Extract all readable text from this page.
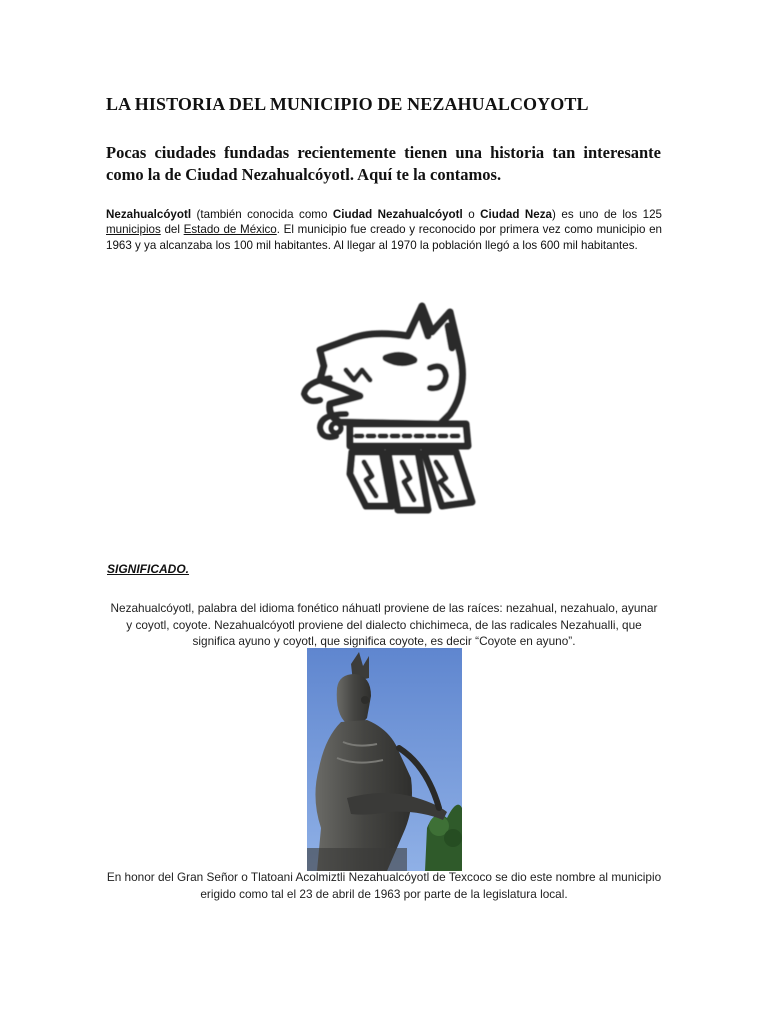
LA HISTORIA DEL MUNICIPIO DE NEZAHUALCOYOTL

Pocas ciudades fundadas recientemente tienen una historia tan interesante como la de Ciudad Nezahualcóyotl. Aquí te la contamos.

Nezahualcóyotl (también conocida como Ciudad Nezahualcóyotl o Ciudad Neza) es uno de los 125 municipios del Estado de México. El municipio fue creado y reconocido por primera vez como municipio en 1963 y ya alcanzaba los 100 mil habitantes. Al llegar al 1970 la población llegó a los 600 mil habitantes.

SIGNIFICADO.

Nezahualcóyotl, palabra del idioma fonético náhuatl proviene de las raíces: nezahual, nezahualo, ayunar y coyotl, coyote. Nezahualcóyotl proviene del dialecto chichimeca, de las radicales Nezahualli, que significa ayuno y coyotl, que significa coyote, es decir “Coyote en ayuno”.

En honor del Gran Señor o Tlatoani Acolmiztli Nezahualcóyotl de Texcoco se dio este nombre al municipio erigido como tal el 23 de abril de 1963 por parte de la legislatura local.
